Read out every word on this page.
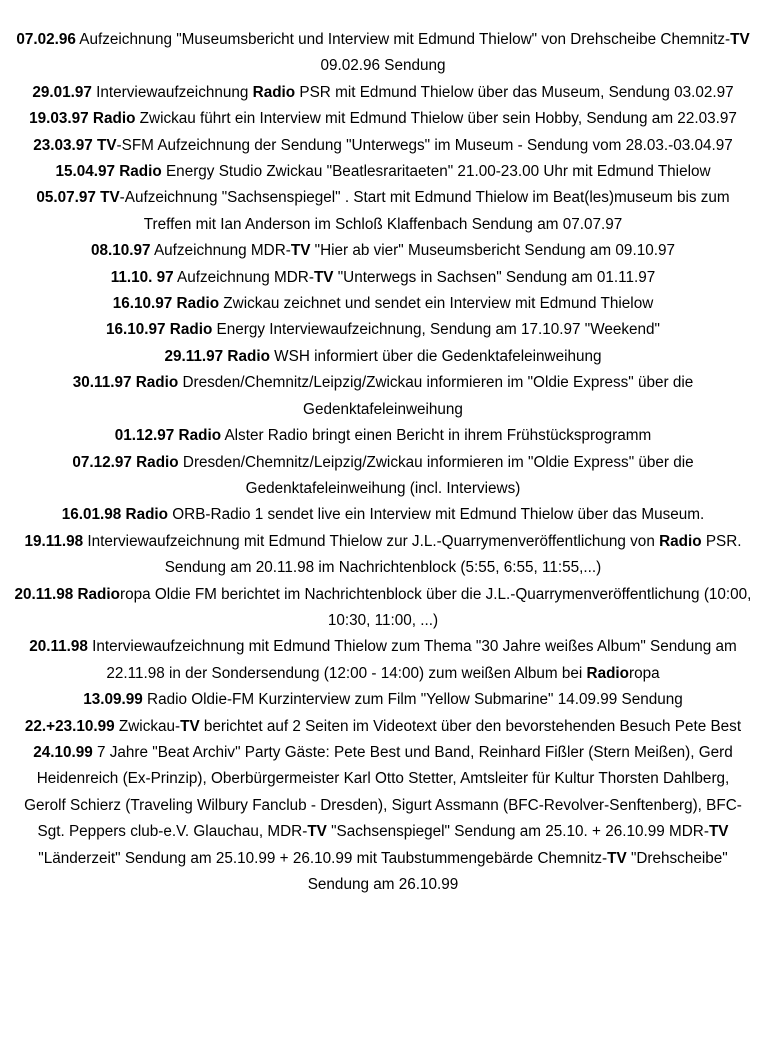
07.02.96 Aufzeichnung "Museumsbericht und Interview mit Edmund Thielow" von Drehscheibe Chemnitz-TV 09.02.96 Sendung

29.01.97 Interviewaufzeichnung Radio PSR mit Edmund Thielow über das Museum, Sendung 03.02.97

19.03.97 Radio Zwickau führt ein Interview mit Edmund Thielow über sein Hobby, Sendung am 22.03.97

23.03.97 TV-SFM Aufzeichnung der Sendung "Unterwegs" im Museum - Sendung vom 28.03.-03.04.97

15.04.97 Radio Energy Studio Zwickau "Beatlesraritaeten" 21.00-23.00 Uhr mit Edmund Thielow

05.07.97 TV-Aufzeichnung "Sachsenspiegel" . Start mit Edmund Thielow im Beat(les)museum bis zum Treffen mit Ian Anderson im Schloß Klaffenbach Sendung am 07.07.97

08.10.97 Aufzeichnung MDR-TV "Hier ab vier" Museumsbericht Sendung am 09.10.97

11.10. 97 Aufzeichnung MDR-TV "Unterwegs in Sachsen" Sendung am 01.11.97

16.10.97 Radio Zwickau zeichnet und sendet ein Interview mit Edmund Thielow

16.10.97 Radio Energy Interviewaufzeichnung, Sendung am 17.10.97 "Weekend"

29.11.97 Radio WSH informiert über die Gedenktafeleinweihung

30.11.97 Radio Dresden/Chemnitz/Leipzig/Zwickau informieren im "Oldie Express" über die Gedenktafeleinweihung

01.12.97 Radio Alster Radio bringt einen Bericht in ihrem Frühstücksprogramm

07.12.97 Radio Dresden/Chemnitz/Leipzig/Zwickau informieren im "Oldie Express" über die Gedenktafeleinweihung (incl. Interviews)

16.01.98 Radio ORB-Radio 1 sendet live ein Interview mit Edmund Thielow über das Museum.

19.11.98 Interviewaufzeichnung mit Edmund Thielow zur J.L.-Quarrymenveröffentlichung von Radio PSR. Sendung am 20.11.98 im Nachrichtenblock (5:55, 6:55, 11:55,...)

20.11.98 Radioropa Oldie FM berichtet im Nachrichtenblock über die J.L.-Quarrymenveröffentlichung (10:00, 10:30, 11:00, ...)

20.11.98 Interviewaufzeichnung mit Edmund Thielow zum Thema "30 Jahre weißes Album" Sendung am 22.11.98 in der Sondersendung (12:00 - 14:00) zum weißen Album bei Radioropa

13.09.99 Radio Oldie-FM Kurzinterview zum Film "Yellow Submarine" 14.09.99 Sendung

22.+23.10.99 Zwickau-TV berichtet auf 2 Seiten im Videotext über den bevorstehenden Besuch Pete Best

24.10.99 7 Jahre "Beat Archiv" Party Gäste: Pete Best und Band, Reinhard Fißler (Stern Meißen), Gerd Heidenreich (Ex-Prinzip), Oberbürgermeister Karl Otto Stetter, Amtsleiter für Kultur Thorsten Dahlberg, Gerolf Schierz (Traveling Wilbury Fanclub - Dresden), Sigurt Assmann (BFC-Revolver-Senftenberg), BFC-Sgt. Peppers club-e.V. Glauchau, MDR-TV "Sachsenspiegel" Sendung am 25.10. + 26.10.99 MDR-TV "Länderzeit" Sendung am 25.10.99 + 26.10.99 mit Taubstummengebärde Chemnitz-TV "Drehscheibe" Sendung am 26.10.99
